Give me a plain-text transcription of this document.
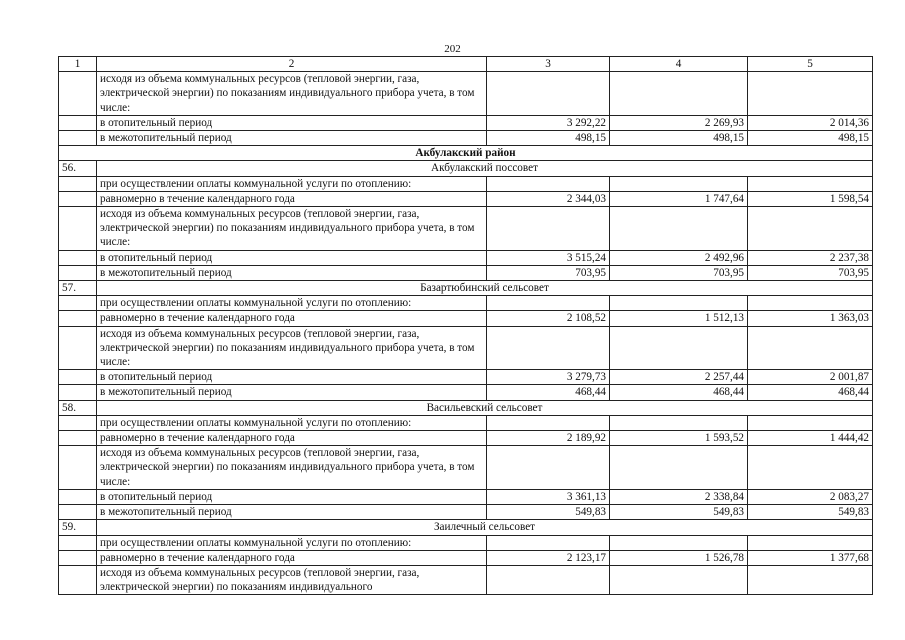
202
1	2	3	4	5
	исходя из объема коммунальных ресурсов (тепловой энергии, газа, электрической энергии) по показаниям индивидуального прибора учета, в том числе:			
	в отопительный период	3 292,22	2 269,93	2 014,36
	в межотопительный период	498,15	498,15	498,15
Акбулакский район				
56.	Акбулакский поссовет			
	при осуществлении оплаты коммунальной услуги по отоплению:			
	равномерно в течение календарного года	2 344,03	1 747,64	1 598,54
	исходя из объема коммунальных ресурсов (тепловой энергии, газа, электрической энергии) по показаниям индивидуального прибора учета, в том числе:			
	в отопительный период	3 515,24	2 492,96	2 237,38
	в межотопительный период	703,95	703,95	703,95
57.	Базартюбинский сельсовет			
	при осуществлении оплаты коммунальной услуги по отоплению:			
	равномерно в течение календарного года	2 108,52	1 512,13	1 363,03
	исходя из объема коммунальных ресурсов (тепловой энергии, газа, электрической энергии) по показаниям индивидуального прибора учета, в том числе:			
	в отопительный период	3 279,73	2 257,44	2 001,87
	в межотопительный период	468,44	468,44	468,44
58.	Васильевский сельсовет			
	при осуществлении оплаты коммунальной услуги по отоплению:			
	равномерно в течение календарного года	2 189,92	1 593,52	1 444,42
	исходя из объема коммунальных ресурсов (тепловой энергии, газа, электрической энергии) по показаниям индивидуального прибора учета, в том числе:			
	в отопительный период	3 361,13	2 338,84	2 083,27
	в межотопительный период	549,83	549,83	549,83
59.	Заилечный сельсовет			
	при осуществлении оплаты коммунальной услуги по отоплению:			
	равномерно в течение календарного года	2 123,17	1 526,78	1 377,68
	исходя из объема коммунальных ресурсов (тепловой энергии, газа, электрической энергии) по показаниям индивидуального			
